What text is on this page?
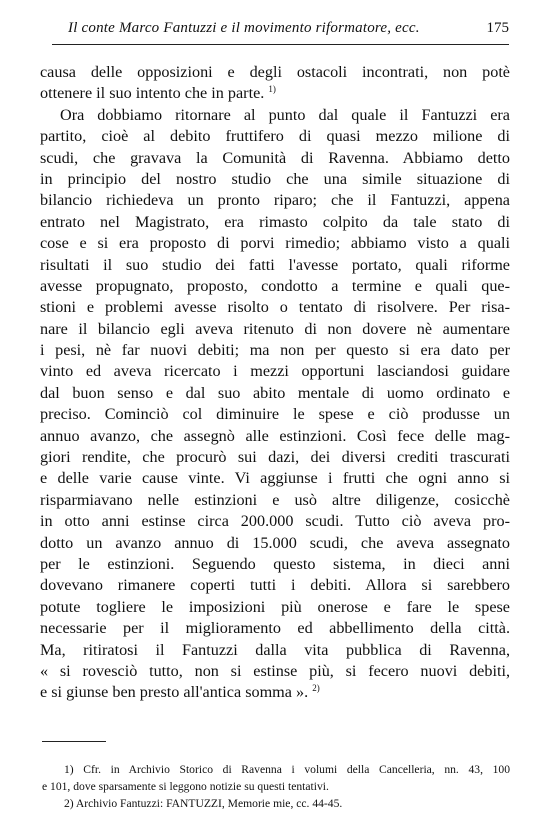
Il conte Marco Fantuzzi e il movimento riformatore, ecc.	175
causa delle opposizioni e degli ostacoli incontrati, non potè
ottenere il suo intento che in parte. $^{1)}$
Ora dobbiamo ritornare al punto dal quale il Fantuzzi era
partito, cioè al debito fruttifero di quasi mezzo milione di
scudi, che gravava la Comunità di Ravenna. Abbiamo detto
in principio del nostro studio che una simile situazione di
bilancio richiedeva un pronto riparo; che il Fantuzzi, appena
entrato nel Magistrato, era rimasto colpito da tale stato di
cose e si era proposto di porvi rimedio; abbiamo visto a quali
risultati il suo studio dei fatti l'avesse portato, quali riforme
avesse propugnato, proposto, condotto a termine e quali que-
stioni e problemi avesse risolto o tentato di risolvere. Per risa-
nare il bilancio egli aveva ritenuto di non dovere nè aumentare
i pesi, nè far nuovi debiti; ma non per questo si era dato per
vinto ed aveva ricercato i mezzi opportuni lasciandosi guidare
dal buon senso e dal suo abito mentale di uomo ordinato e
preciso. Cominciò col diminuire le spese e ciò produsse un
annuo avanzo, che assegnò alle estinzioni. Così fece delle mag-
giori rendite, che procurò sui dazi, dei diversi crediti trascurati
e delle varie cause vinte. Vi aggiunse i frutti che ogni anno si
risparmiavano nelle estinzioni e usò altre diligenze, cosicchè
in otto anni estinse circa 200.000 scudi. Tutto ciò aveva pro-
dotto un avanzo annuo di 15.000 scudi, che aveva assegnato
per le estinzioni. Seguendo questo sistema, in dieci anni
dovevano rimanere coperti tutti i debiti. Allora si sarebbero
potute togliere le imposizioni più onerose e fare le spese
necessarie per il miglioramento ed abbellimento della città.
Ma, ritiratosi il Fantuzzi dalla vita pubblica di Ravenna,
« si rovesciò tutto, non si estinse più, si fecero nuovi debiti,
e si giunse ben presto all'antica somma ». $^{2)}$
1) Cfr. in Archivio Storico di Ravenna i volumi della Cancelleria, nn. 43, 100
e 101, dove sparsamente si leggono notizie su questi tentativi.
2) Archivio Fantuzzi: FANTUZZI, Memorie mie, cc. 44-45.
